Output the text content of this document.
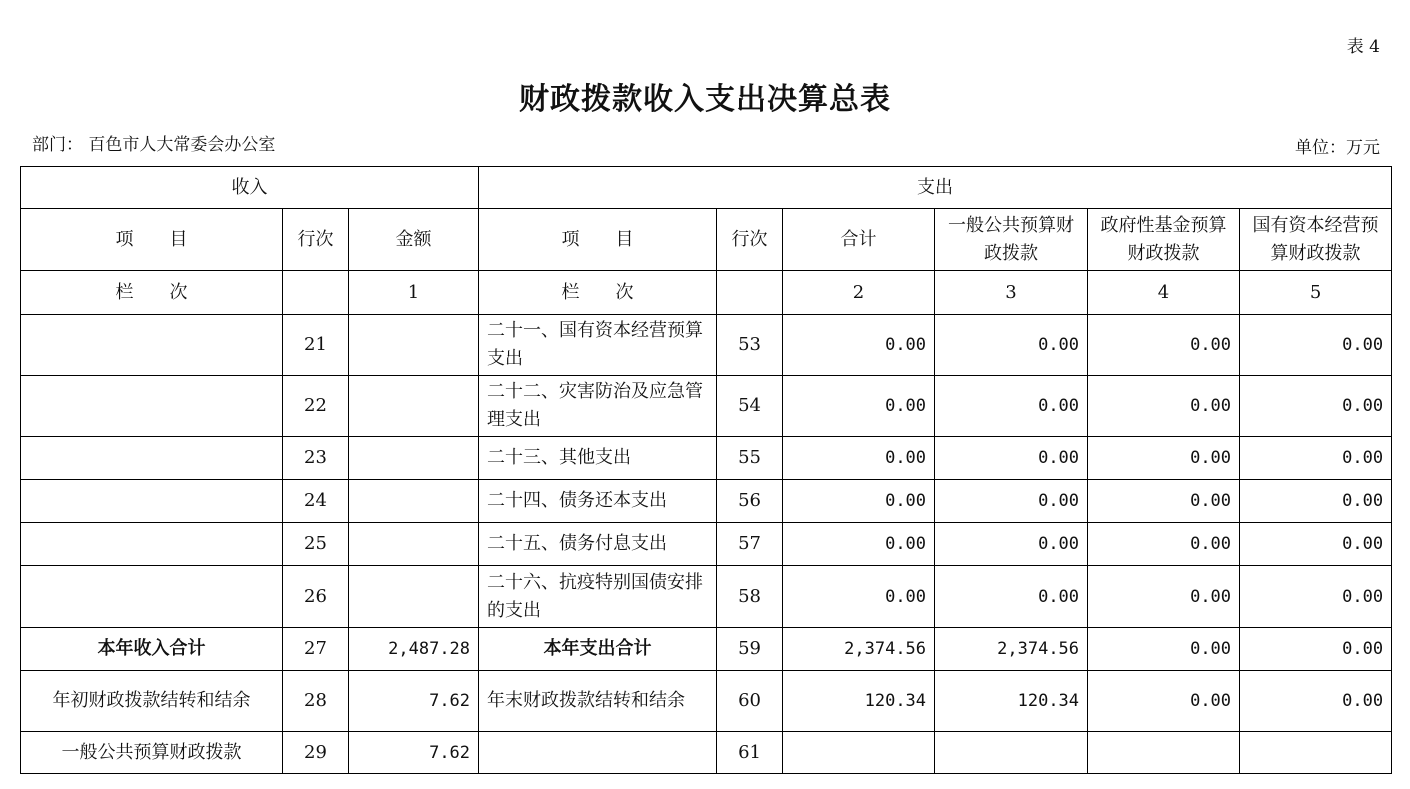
表 4
财政拨款收入支出决算总表
部门： 百色市人大常委会办公室	单位：万元
收入			支出					
项　　目	行次	金额	项　　目	行次	合计	一般公共预算财政拨款	政府性基金预算财政拨款	国有资本经营预算财政拨款
栏　　次		1	栏　　次		2	3	4	5
	21		二十一、国有资本经营预算支出	53	0.00	0.00	0.00	0.00
	22		二十二、灾害防治及应急管理支出	54	0.00	0.00	0.00	0.00
	23		二十三、其他支出	55	0.00	0.00	0.00	0.00
	24		二十四、债务还本支出	56	0.00	0.00	0.00	0.00
	25		二十五、债务付息支出	57	0.00	0.00	0.00	0.00
	26		二十六、抗疫特别国债安排的支出	58	0.00	0.00	0.00	0.00
本年收入合计	27	2,487.28	本年支出合计	59	2,374.56	2,374.56	0.00	0.00
年初财政拨款结转和结余	28	7.62	年末财政拨款结转和结余	60	120.34	120.34	0.00	0.00
一般公共预算财政拨款	29	7.62		61				
